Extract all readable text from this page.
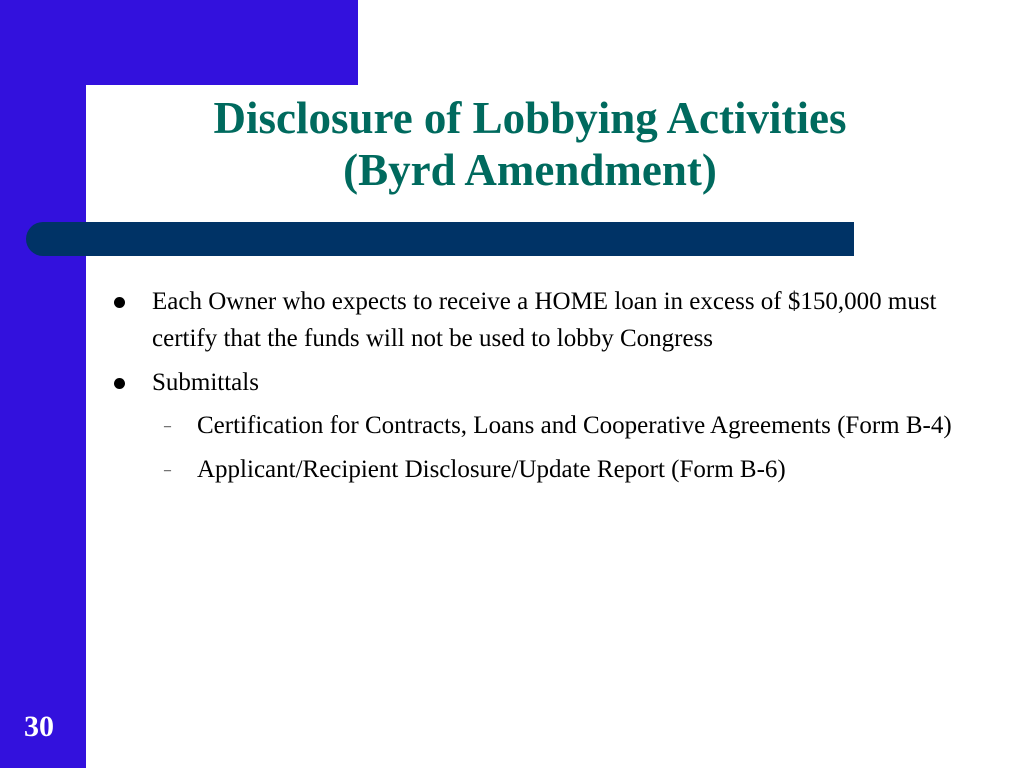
Disclosure of Lobbying Activities
(Byrd Amendment)
Each Owner who expects to receive a HOME loan in excess of $150,000 must certify that the funds will not be used to lobby Congress
Submittals
– Certification for Contracts, Loans and Cooperative Agreements (Form B-4)
– Applicant/Recipient Disclosure/Update Report (Form B-6)
30
